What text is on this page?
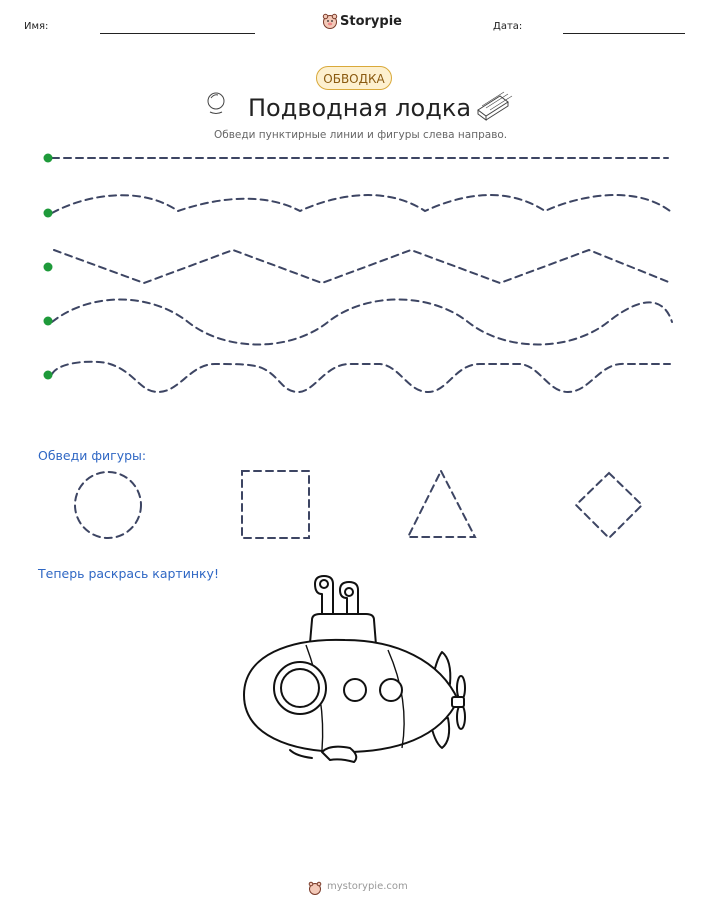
Имя:	Storypie	Дата:
ОБВОДКА
Подводная лодка
Обведи пунктирные линии и фигуры слева направо.
Обведи фигуры:
Теперь раскрась картинку!
mystorypie.com
